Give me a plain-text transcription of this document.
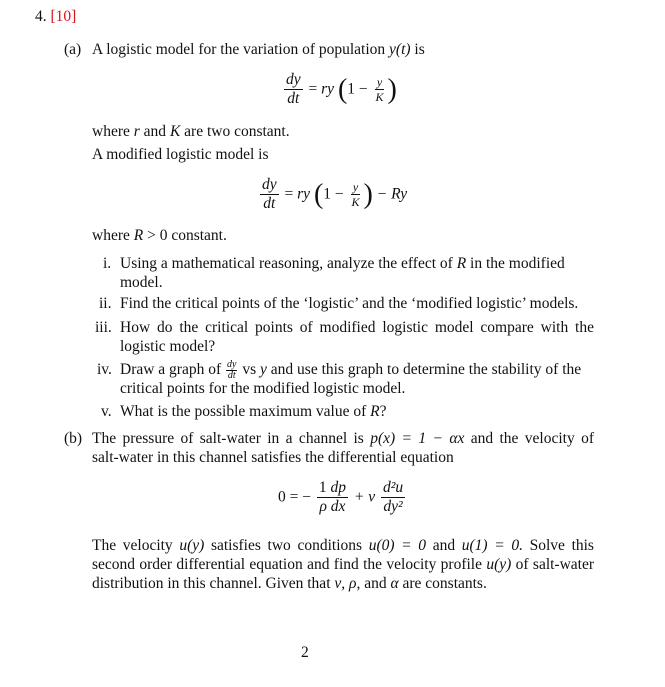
4. [10]
(a) A logistic model for the variation of population y(t) is
$\frac{dy}{dt}$ = ry ($1 - \frac{y}{K}$ )
where r and K are two constant.
A modified logistic model is
$\frac{dy}{dt}$ = ry ($1 - \frac{y}{K}$ ) − Ry
where R > 0 constant.
i. Using a mathematical reasoning, analyze the effect of R in the modified
model.
ii. Find the critical points of the ‘logistic’ and the ‘modified logistic’ models.
iii. How do the critical points of modified logistic model compare with the
logistic model?
iv. Draw a graph of $\frac{dy}{dt}$ vs y and use this graph to determine the stability of the
critical points for the modified logistic model.
v. What is the possible maximum value of R?
(b) The pressure of salt-water in a channel is p(x) = 1 − αx and the velocity of
salt-water in this channel satisfies the differential equation
0 = − $\frac{1 dp}{\text{ρ dx}} + \nu \frac{\text{d²u}}{\text{dy²}}$
The velocity u(y) satisfies two conditions u(0) = 0 and u(1) = 0. Solve this
second order differential equation and find the velocity profile u(y) of salt-water
distribution in this channel. Given that ν, ρ, and α are constants.
2
